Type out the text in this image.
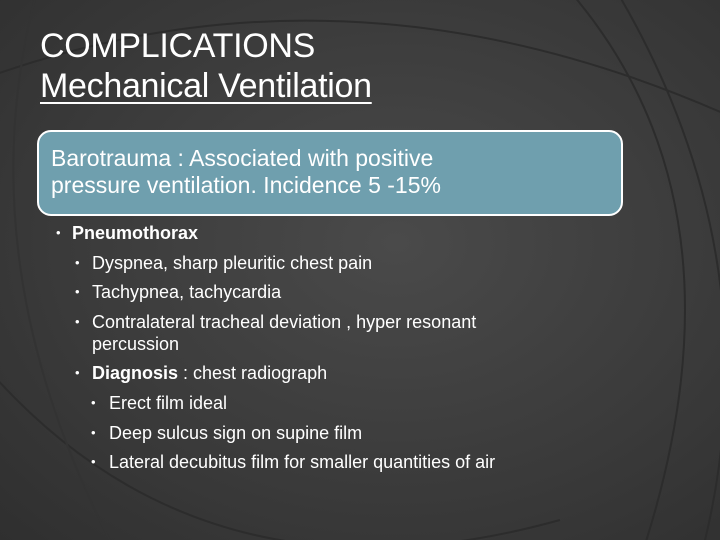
COMPLICATIONS
Mechanical Ventilation
Barotrauma : Associated with positive
pressure ventilation. Incidence 5 -15%
• Pneumothorax
• Dyspnea, sharp pleuritic chest pain
• Tachypnea, tachycardia
• Contralateral tracheal deviation , hyper resonant
percussion
• Diagnosis : chest radiograph
• Erect film ideal
• Deep sulcus sign on supine film
• Lateral decubitus film for smaller quantities of air
